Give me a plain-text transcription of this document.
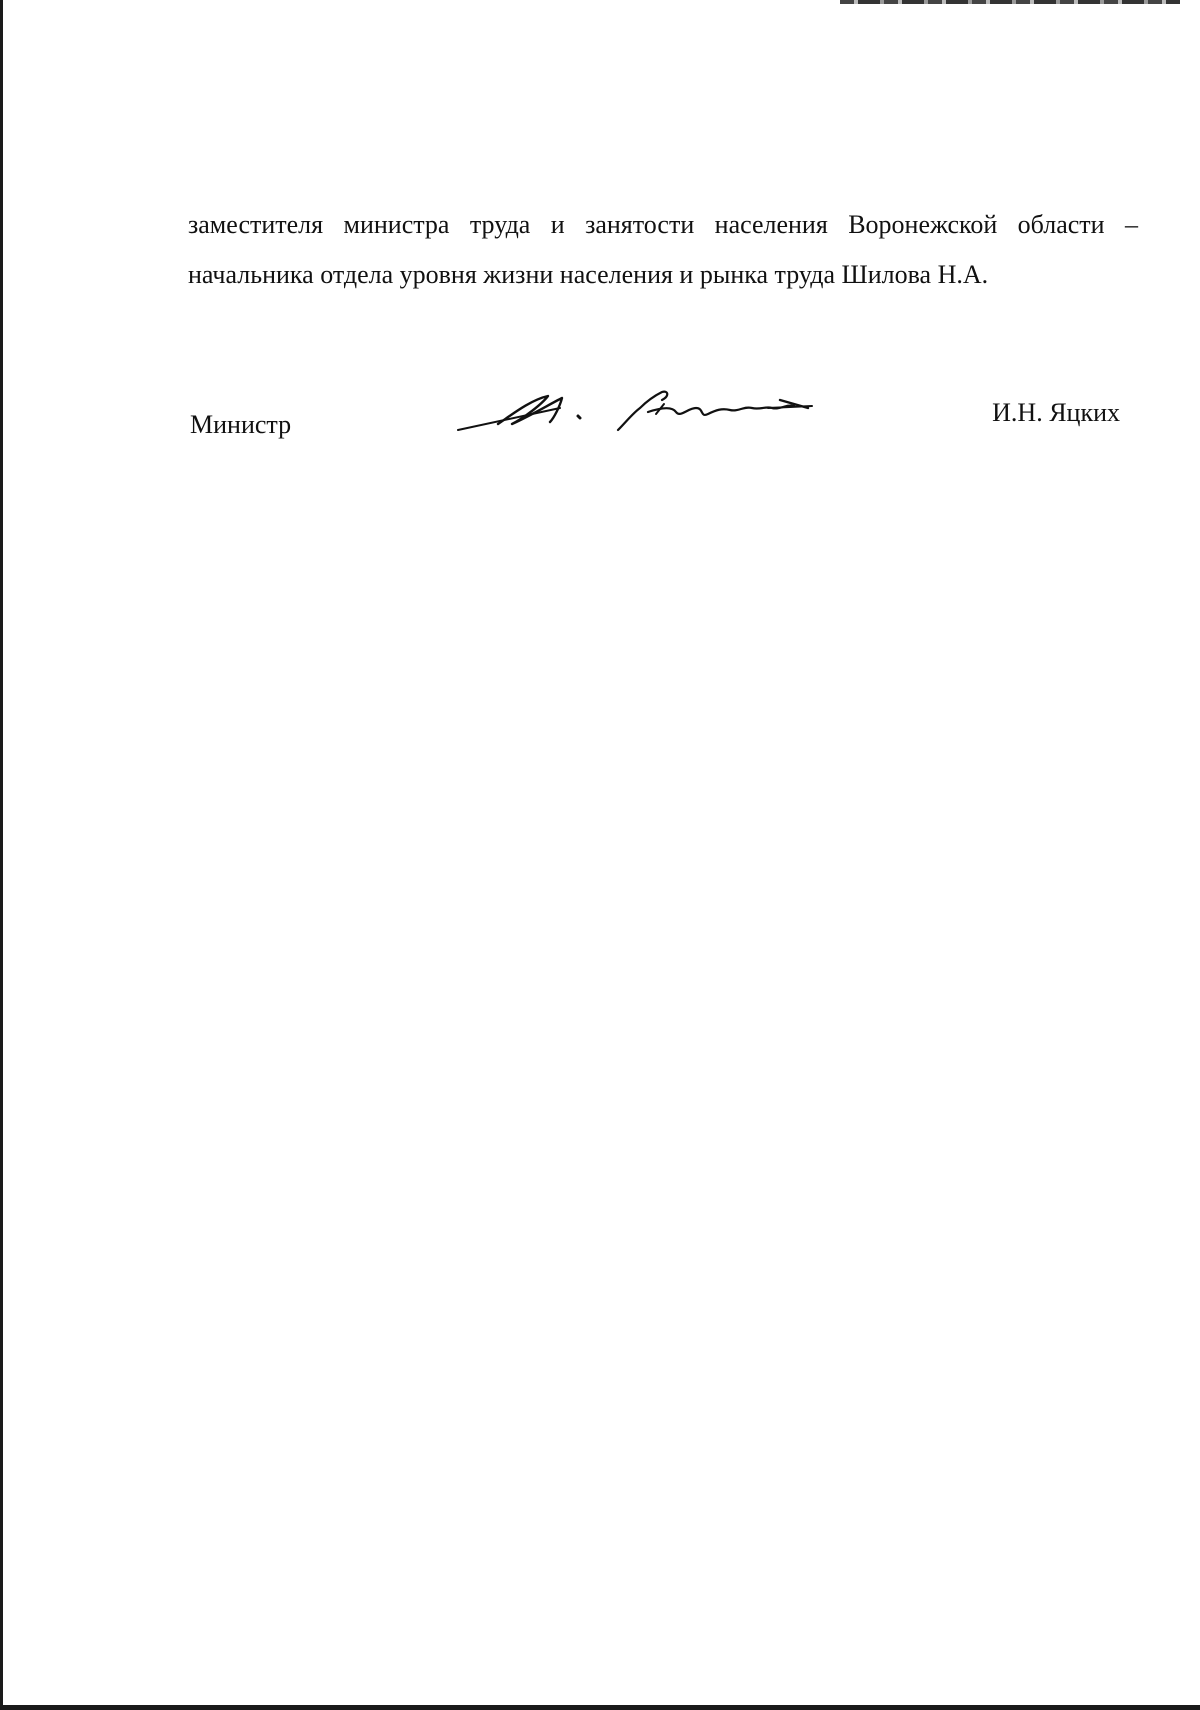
заместителя министра труда и занятости населения Воронежской области –
начальника отдела уровня жизни населения и рынка труда Шилова Н.А.
Министр	И.Н. Яцких
